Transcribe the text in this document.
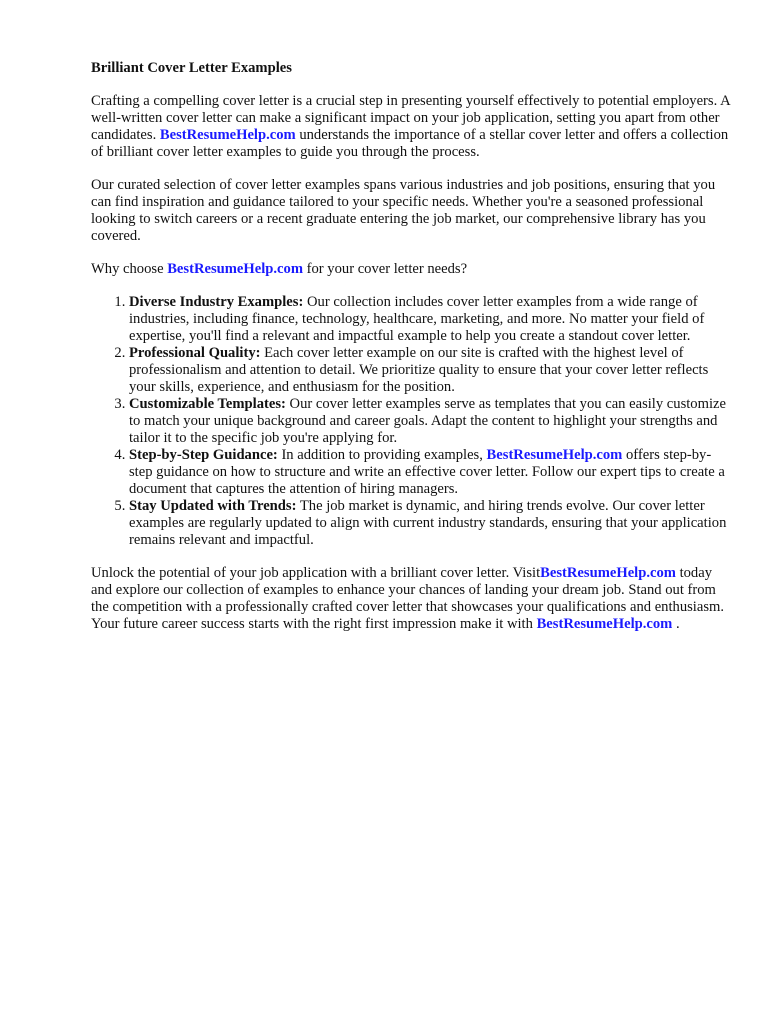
Brilliant Cover Letter Examples

Crafting a compelling cover letter is a crucial step in presenting yourself effectively to potential employers. A well-written cover letter can make a significant impact on your job application, setting you apart from other candidates. BestResumeHelp.com understands the importance of a stellar cover letter and offers a collection of brilliant cover letter examples to guide you through the process.

Our curated selection of cover letter examples spans various industries and job positions, ensuring that you can find inspiration and guidance tailored to your specific needs. Whether you're a seasoned professional looking to switch careers or a recent graduate entering the job market, our comprehensive library has you covered.

Why choose BestResumeHelp.com for your cover letter needs?

1. Diverse Industry Examples: Our collection includes cover letter examples from a wide range of industries, including finance, technology, healthcare, marketing, and more. No matter your field of expertise, you'll find a relevant and impactful example to help you create a standout cover letter.
2. Professional Quality: Each cover letter example on our site is crafted with the highest level of professionalism and attention to detail. We prioritize quality to ensure that your cover letter reflects your skills, experience, and enthusiasm for the position.
3. Customizable Templates: Our cover letter examples serve as templates that you can easily customize to match your unique background and career goals. Adapt the content to highlight your strengths and tailor it to the specific job you're applying for.
4. Step-by-Step Guidance: In addition to providing examples, BestResumeHelp.com offers step-by-step guidance on how to structure and write an effective cover letter. Follow our expert tips to create a document that captures the attention of hiring managers.
5. Stay Updated with Trends: The job market is dynamic, and hiring trends evolve. Our cover letter examples are regularly updated to align with current industry standards, ensuring that your application remains relevant and impactful.

Unlock the potential of your job application with a brilliant cover letter. VisitBestResumeHelp.com today and explore our collection of examples to enhance your chances of landing your dream job. Stand out from the competition with a professionally crafted cover letter that showcases your qualifications and enthusiasm. Your future career success starts with the right first impression make it with BestResumeHelp.com .
